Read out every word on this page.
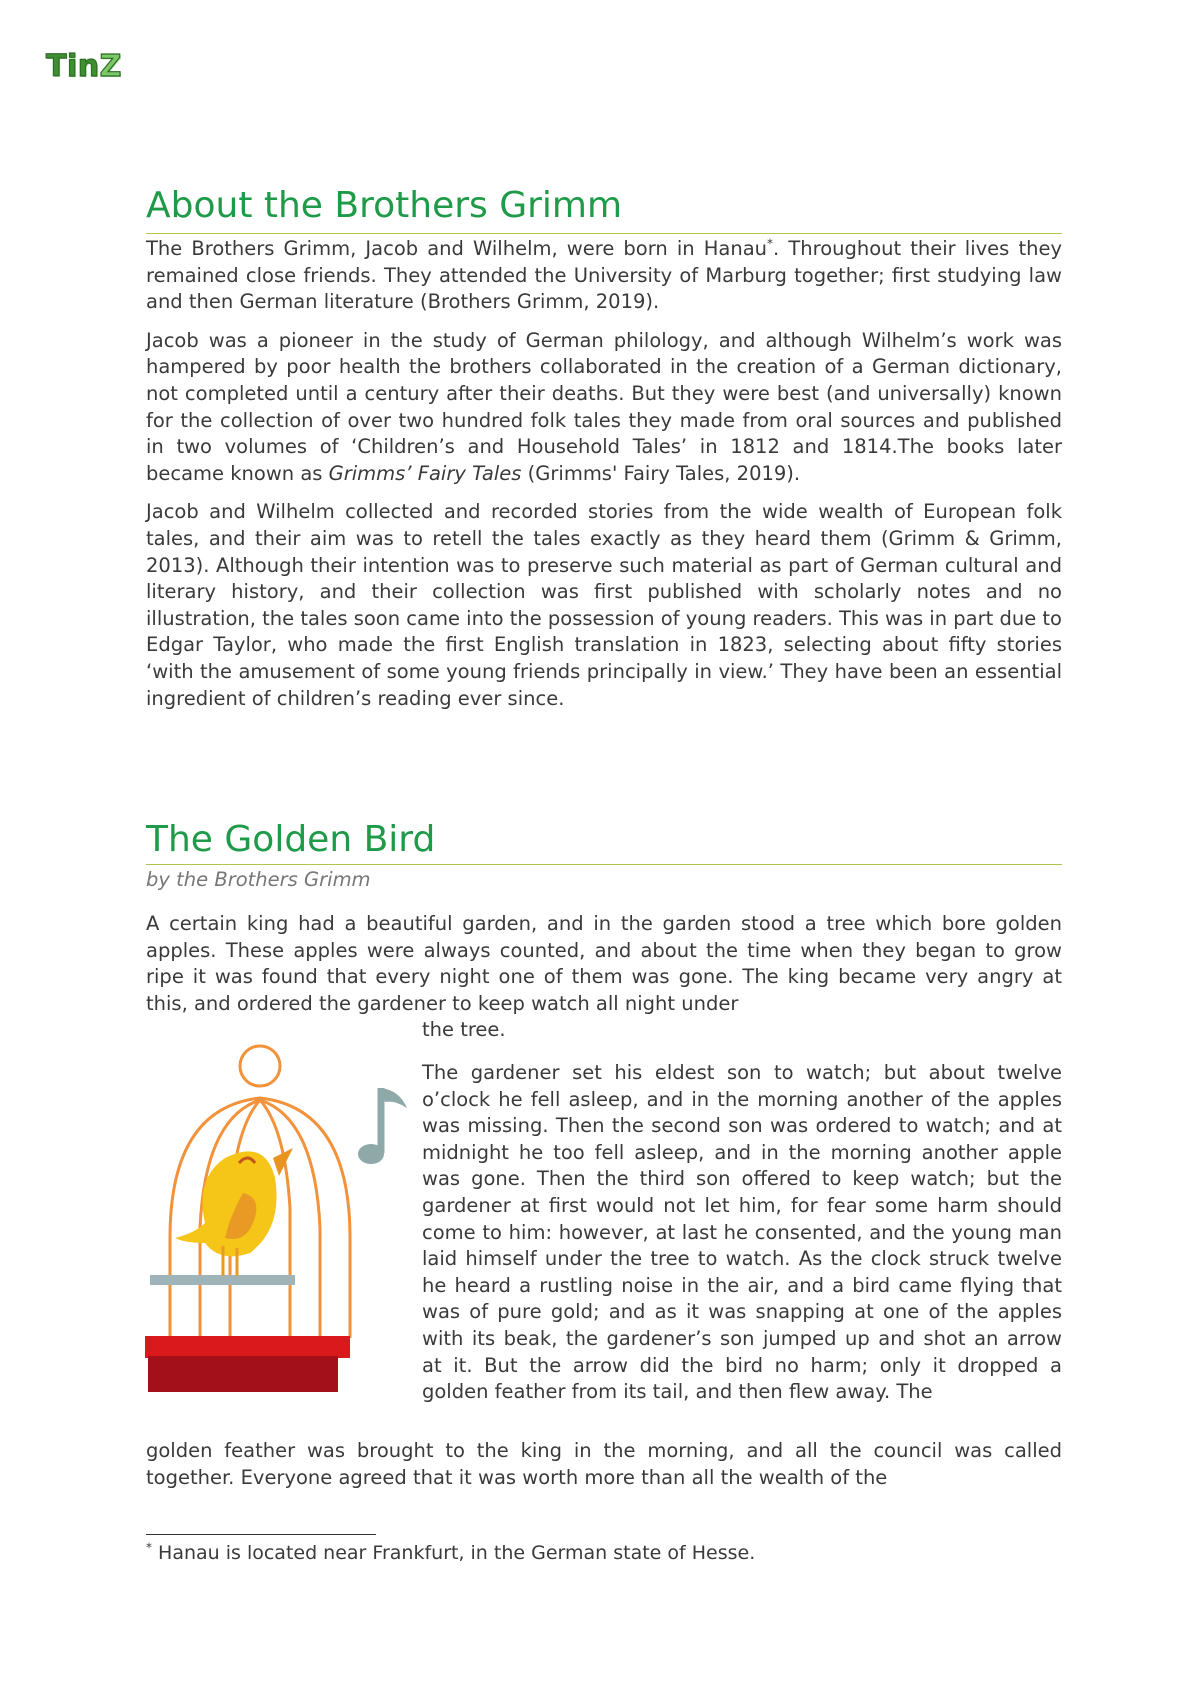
TinZ
About the Brothers Grimm

The Brothers Grimm, Jacob and Wilhelm, were born in Hanau*. Throughout their lives they remained close friends. They attended the University of Marburg together; first studying law and then German literature (Brothers Grimm, 2019).

Jacob was a pioneer in the study of German philology, and although Wilhelm’s work was hampered by poor health the brothers collaborated in the creation of a German dictionary, not completed until a century after their deaths. But they were best (and universally) known for the collection of over two hundred folk tales they made from oral sources and published in two volumes of ‘Children’s and Household Tales’ in 1812 and 1814.The books later became known as Grimms’ Fairy Tales (Grimms' Fairy Tales, 2019).

Jacob and Wilhelm collected and recorded stories from the wide wealth of European folk tales, and their aim was to retell the tales exactly as they heard them (Grimm & Grimm, 2013). Although their intention was to preserve such material as part of German cultural and literary history, and their collection was first published with scholarly notes and no illustration, the tales soon came into the possession of young readers. This was in part due to Edgar Taylor, who made the first English translation in 1823, selecting about fifty stories ‘with the amusement of some young friends principally in view.’ They have been an essential ingredient of children’s reading ever since.

The Golden Bird
by the Brothers Grimm

A certain king had a beautiful garden, and in the garden stood a tree which bore golden apples. These apples were always counted, and about the time when they began to grow ripe it was found that every night one of them was gone. The king became very angry at this, and ordered the gardener to keep watch all night under

the tree.

The gardener set his eldest son to watch; but about twelve o’clock he fell asleep, and in the morning another of the apples was missing. Then the second son was ordered to watch; and at midnight he too fell asleep, and in the morning another apple was gone. Then the third son offered to keep watch; but the gardener at first would not let him, for fear some harm should come to him: however, at last he consented, and the young man laid himself under the tree to watch. As the clock struck twelve he heard a rustling noise in the air, and a bird came flying that was of pure gold; and as it was snapping at one of the apples with its beak, the gardener’s son jumped up and shot an arrow at it. But the arrow did the bird no harm; only it dropped a golden feather from its tail, and then flew away. The

golden feather was brought to the king in the morning, and all the council was called together. Everyone agreed that it was worth more than all the wealth of the

* Hanau is located near Frankfurt, in the German state of Hesse.
